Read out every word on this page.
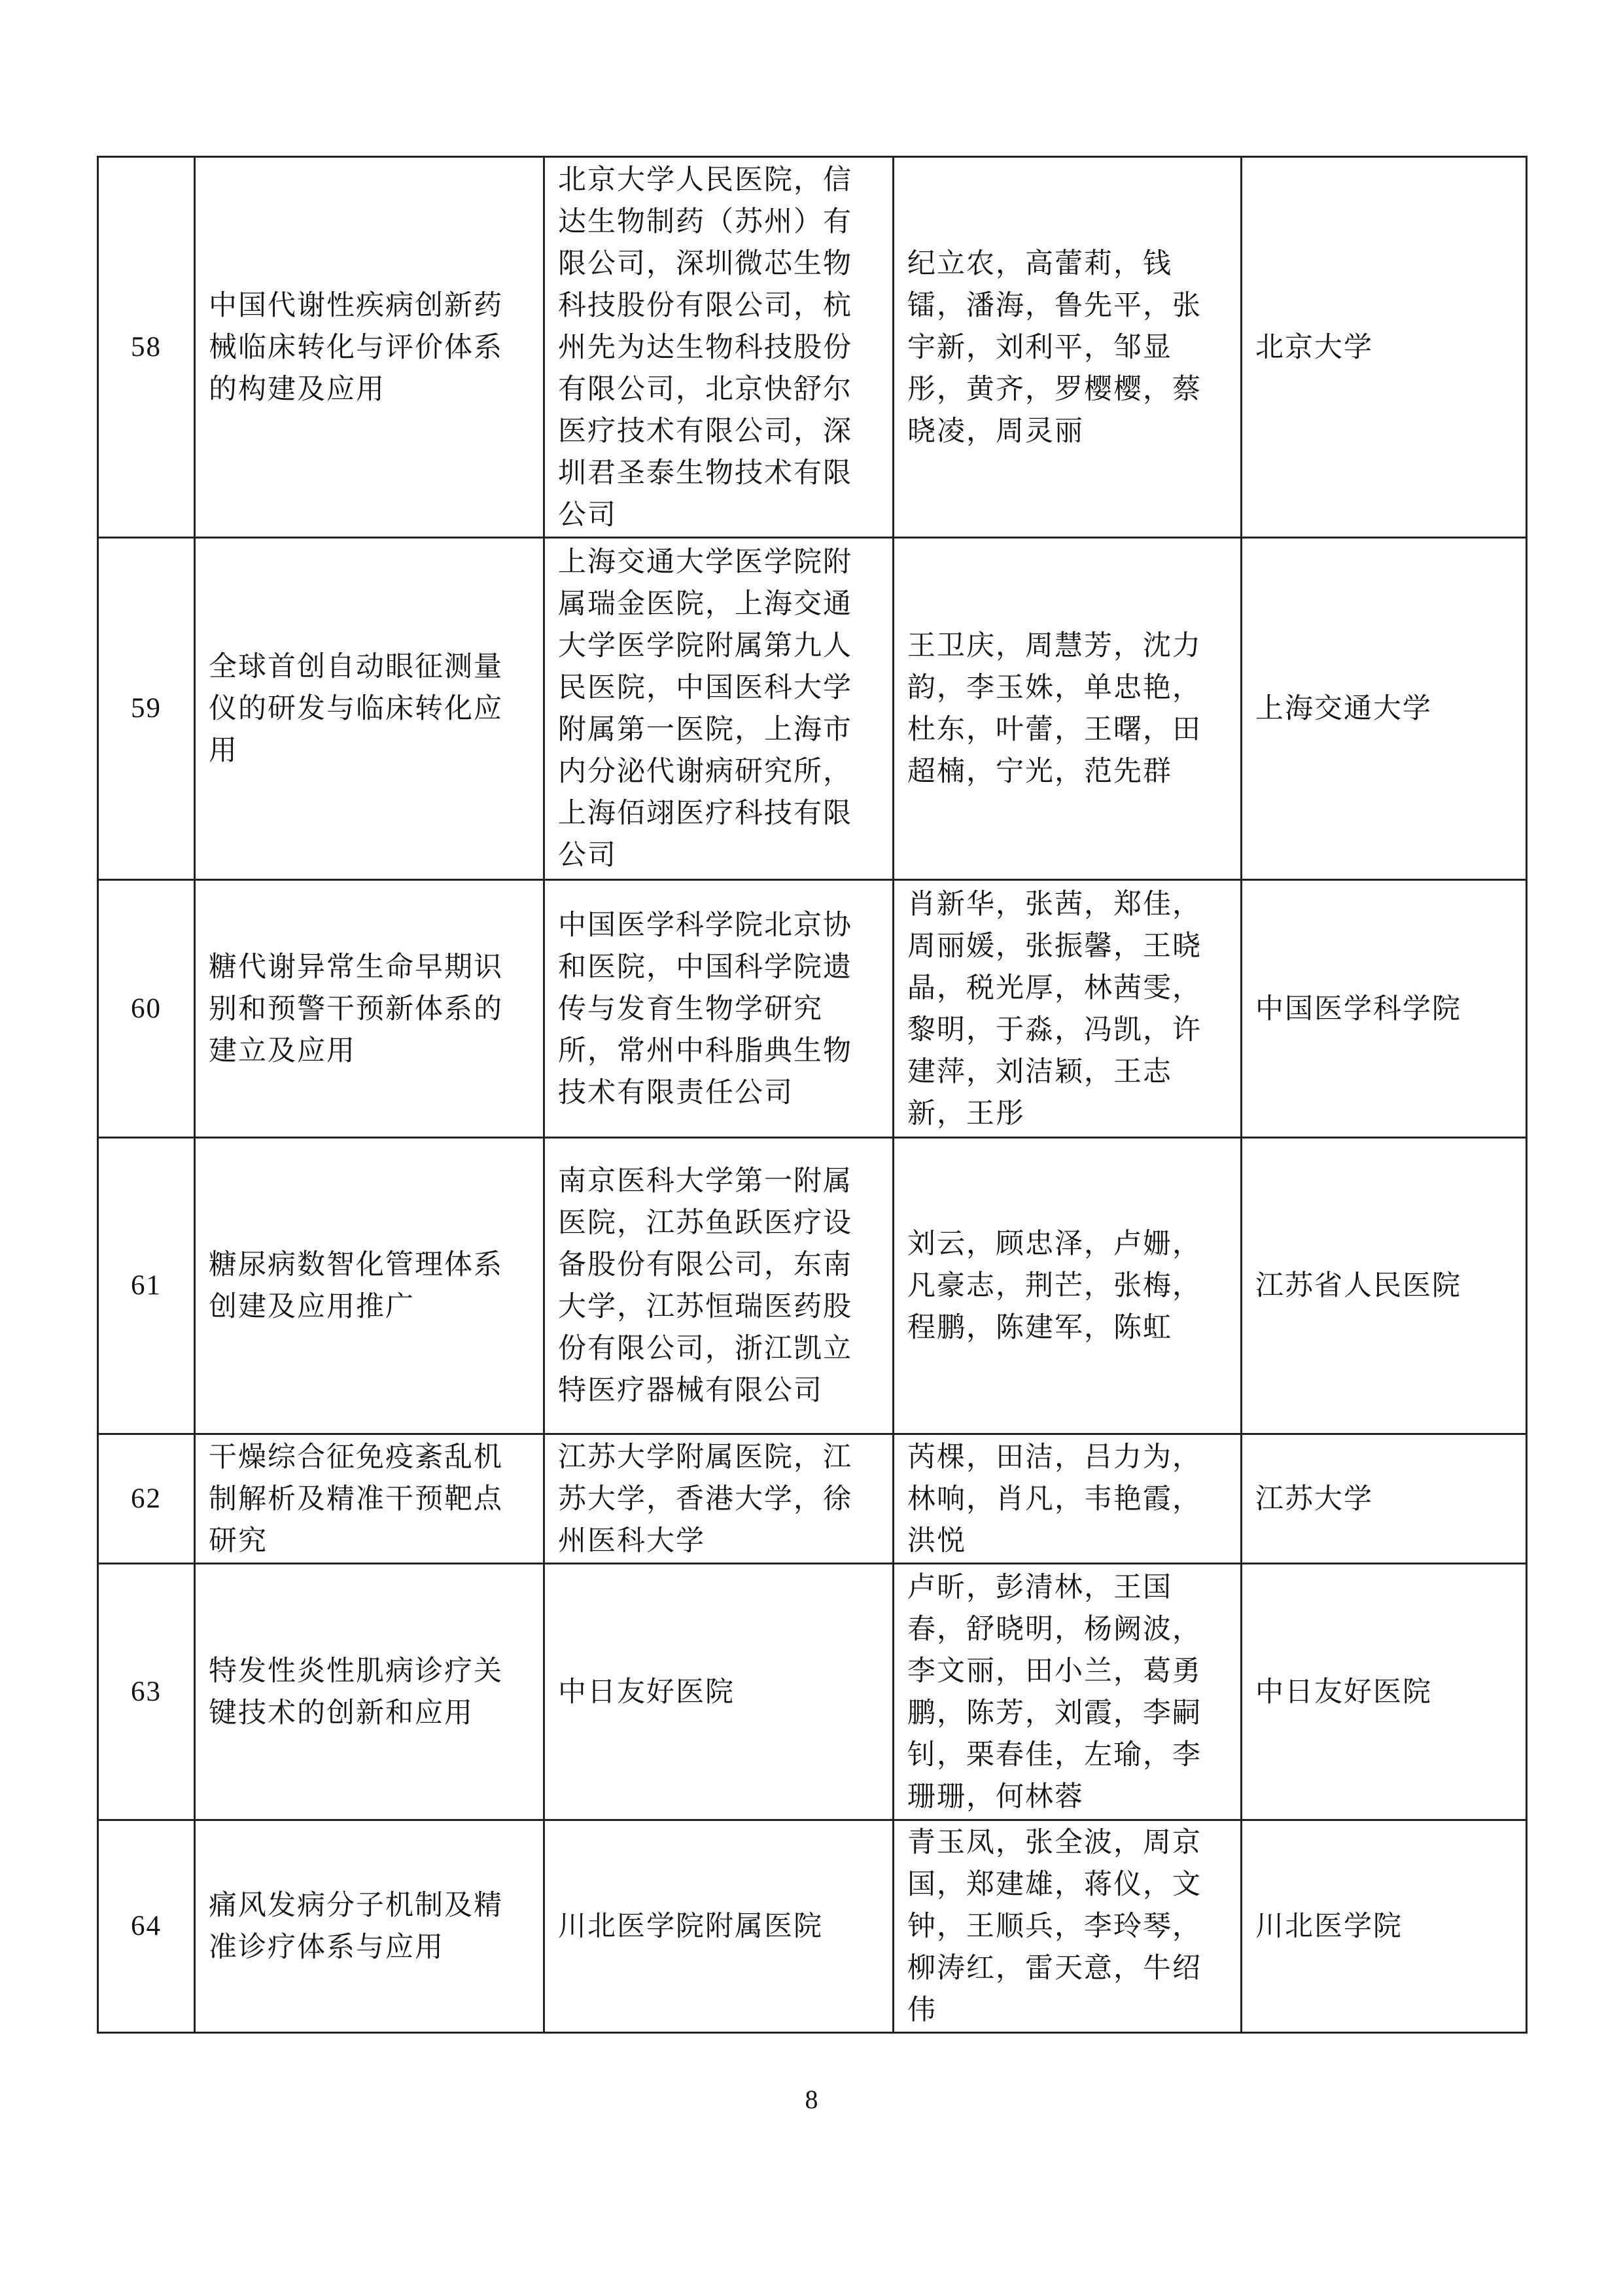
58	中国代谢性疾病创新药械临床转化与评价体系的构建及应用	北京大学人民医院，信达生物制药（苏州）有限公司，深圳微芯生物科技股份有限公司，杭州先为达生物科技股份有限公司，北京快舒尔医疗技术有限公司，深圳君圣泰生物技术有限公司	纪立农，高蕾莉，钱镭，潘海，鲁先平，张宇新，刘利平，邹显彤，黄齐，罗樱樱，蔡晓凌，周灵丽	北京大学
59	全球首创自动眼征测量仪的研发与临床转化应用	上海交通大学医学院附属瑞金医院，上海交通大学医学院附属第九人民医院，中国医科大学附属第一医院，上海市内分泌代谢病研究所，上海佰翊医疗科技有限公司	王卫庆，周慧芳，沈力韵，李玉姝，单忠艳，杜东，叶蕾，王曙，田超楠，宁光，范先群	上海交通大学
60	糖代谢异常生命早期识别和预警干预新体系的建立及应用	中国医学科学院北京协和医院，中国科学院遗传与发育生物学研究所，常州中科脂典生物技术有限责任公司	肖新华，张茜，郑佳，周丽媛，张振馨，王晓晶，税光厚，林茜雯，黎明，于淼，冯凯，许建萍，刘洁颖，王志新，王彤	中国医学科学院
61	糖尿病数智化管理体系创建及应用推广	南京医科大学第一附属医院，江苏鱼跃医疗设备股份有限公司，东南大学，江苏恒瑞医药股份有限公司，浙江凯立特医疗器械有限公司	刘云，顾忠泽，卢姗，凡豪志，荆芒，张梅，程鹏，陈建军，陈虹	江苏省人民医院
62	干燥综合征免疫紊乱机制解析及精准干预靶点研究	江苏大学附属医院，江苏大学，香港大学，徐州医科大学	芮棵，田洁，吕力为，林响，肖凡，韦艳霞，洪悦	江苏大学
63	特发性炎性肌病诊疗关键技术的创新和应用	中日友好医院	卢昕，彭清林，王国春，舒晓明，杨阙波，李文丽，田小兰，葛勇鹏，陈芳，刘霞，李嗣钊，栗春佳，左瑜，李珊珊，何林蓉	中日友好医院
64	痛风发病分子机制及精准诊疗体系与应用	川北医学院附属医院	青玉凤，张全波，周京国，郑建雄，蒋仪，文钟，王顺兵，李玲琴，柳涛红，雷天意，牛绍伟	川北医学院
8
